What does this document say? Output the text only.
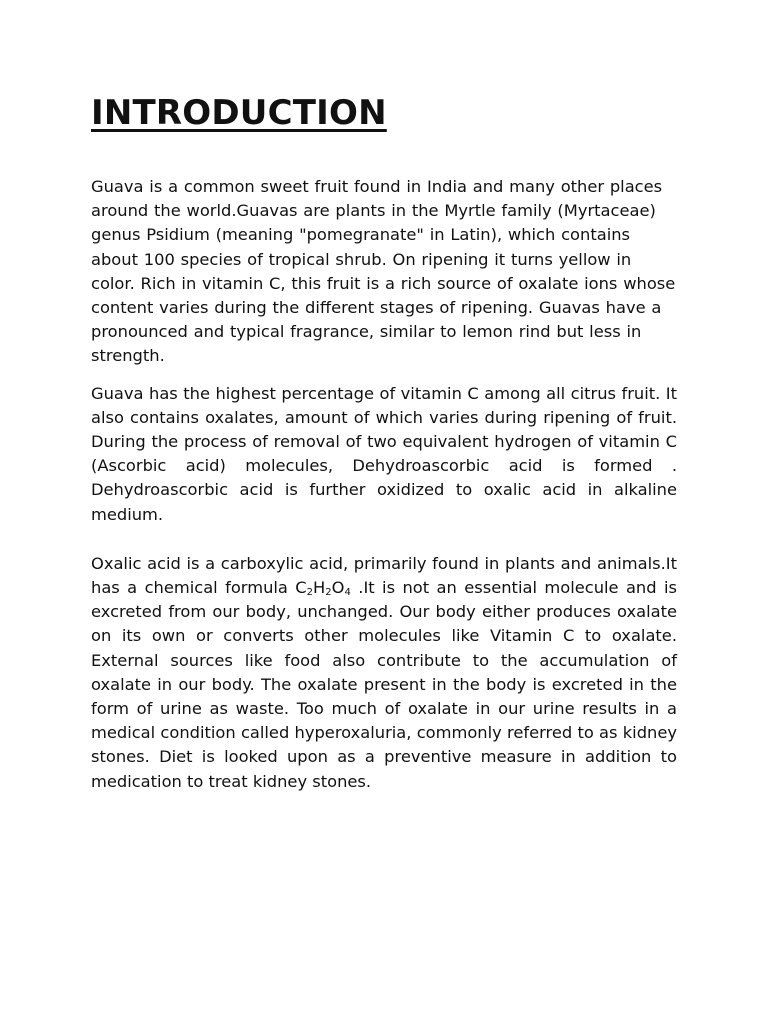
INTRODUCTION

Guava is a common sweet fruit found in India and many other places around the world.Guavas are plants in the Myrtle family (Myrtaceae) genus Psidium (meaning "pomegranate" in Latin), which contains about 100 species of tropical shrub. On ripening it turns yellow in color. Rich in vitamin C, this fruit is a rich source of oxalate ions whose content varies during the different stages of ripening. Guavas have a pronounced and typical fragrance, similar to lemon rind but less in strength.

Guava has the highest percentage of vitamin C among all citrus fruit. It also contains oxalates, amount of which varies during ripening of fruit. During the process of removal of two equivalent hydrogen of vitamin C (Ascorbic acid) molecules, Dehydroascorbic acid is formed . Dehydroascorbic acid is further oxidized to oxalic acid in alkaline medium.

Oxalic acid is a carboxylic acid, primarily found in plants and animals.It has a chemical formula $C_2H_2O_4$ .It is not an essential molecule and is excreted from our body, unchanged. Our body either produces oxalate on its own or converts other molecules like Vitamin C to oxalate. External sources like food also contribute to the accumulation of oxalate in our body. The oxalate present in the body is excreted in the form of urine as waste. Too much of oxalate in our urine results in a medical condition called hyperoxaluria, commonly referred to as kidney stones. Diet is looked upon as a preventive measure in addition to medication to treat kidney stones.
